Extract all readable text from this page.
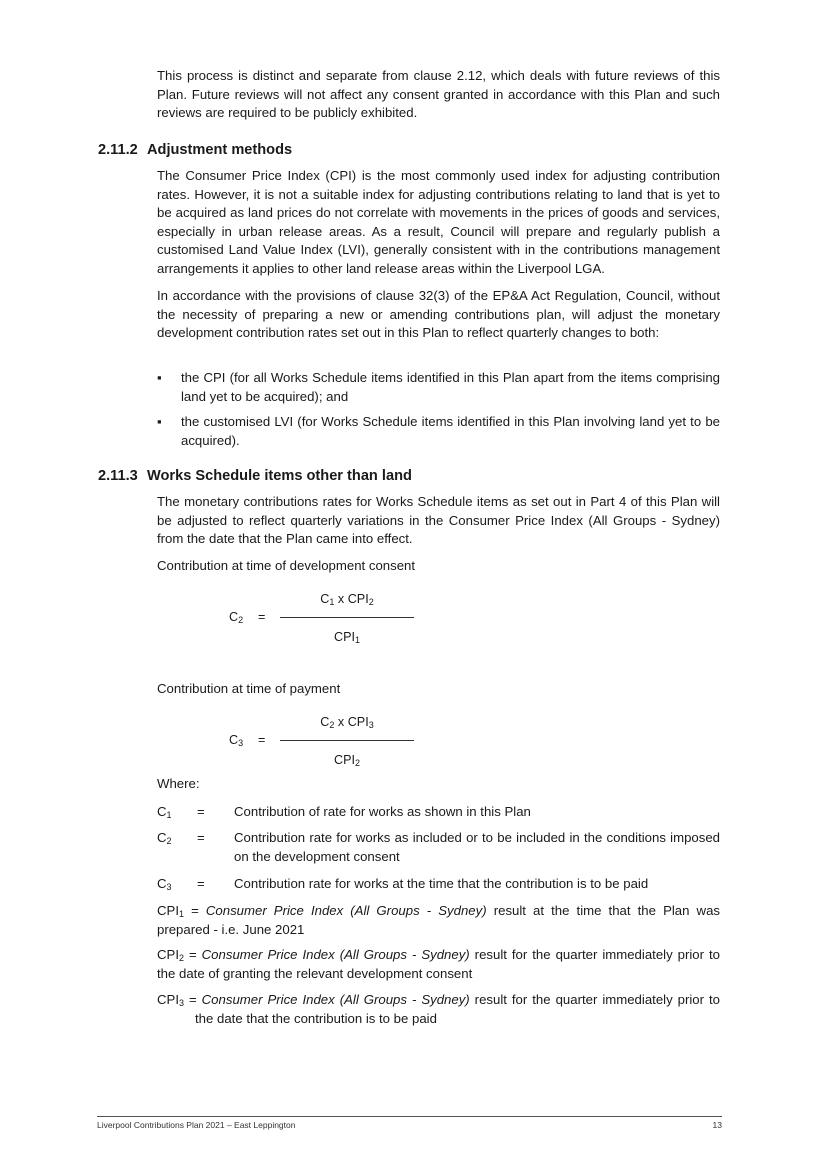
This process is distinct and separate from clause 2.12, which deals with future reviews of this Plan. Future reviews will not affect any consent granted in accordance with this Plan and such reviews are required to be publicly exhibited.

2.11.2 Adjustment methods

The Consumer Price Index (CPI) is the most commonly used index for adjusting contribution rates. However, it is not a suitable index for adjusting contributions relating to land that is yet to be acquired as land prices do not correlate with movements in the prices of goods and services, especially in urban release areas. As a result, Council will prepare and regularly publish a customised Land Value Index (LVI), generally consistent with in the contributions management arrangements it applies to other land release areas within the Liverpool LGA.

In accordance with the provisions of clause 32(3) of the EP&A Act Regulation, Council, without the necessity of preparing a new or amending contributions plan, will adjust the monetary development contribution rates set out in this Plan to reflect quarterly changes to both:

▪ the CPI (for all Works Schedule items identified in this Plan apart from the items comprising land yet to be acquired); and
▪ the customised LVI (for Works Schedule items identified in this Plan involving land yet to be acquired).
2.11.3 Works Schedule items other than land

The monetary contributions rates for Works Schedule items as set out in Part 4 of this Plan will be adjusted to reflect quarterly variations in the Consumer Price Index (All Groups - Sydney) from the date that the Plan came into effect.

Contribution at time of development consent
$C_1$ x $CPI_2$
$C_2$ =
$CPI_1$
Contribution at time of payment
$C_2$ x $CPI_3$
$C_3$ =
$CPI_2$
Where:
$C_1$ = Contribution of rate for works as shown in this Plan
$C_2$ = Contribution rate for works as included or to be included in the conditions imposed on the development consent
$C_3$ = Contribution rate for works at the time that the contribution is to be paid
$CPI_1$ = Consumer Price Index (All Groups - Sydney) result at the time that the Plan was prepared - i.e. June 2021
$CPI_2$ = Consumer Price Index (All Groups - Sydney) result for the quarter immediately prior to the date of granting the relevant development consent
$CPI_3$ = Consumer Price Index (All Groups - Sydney) result for the quarter immediately prior to the date that the contribution is to be paid
Liverpool Contributions Plan 2021 – East Leppington	13
